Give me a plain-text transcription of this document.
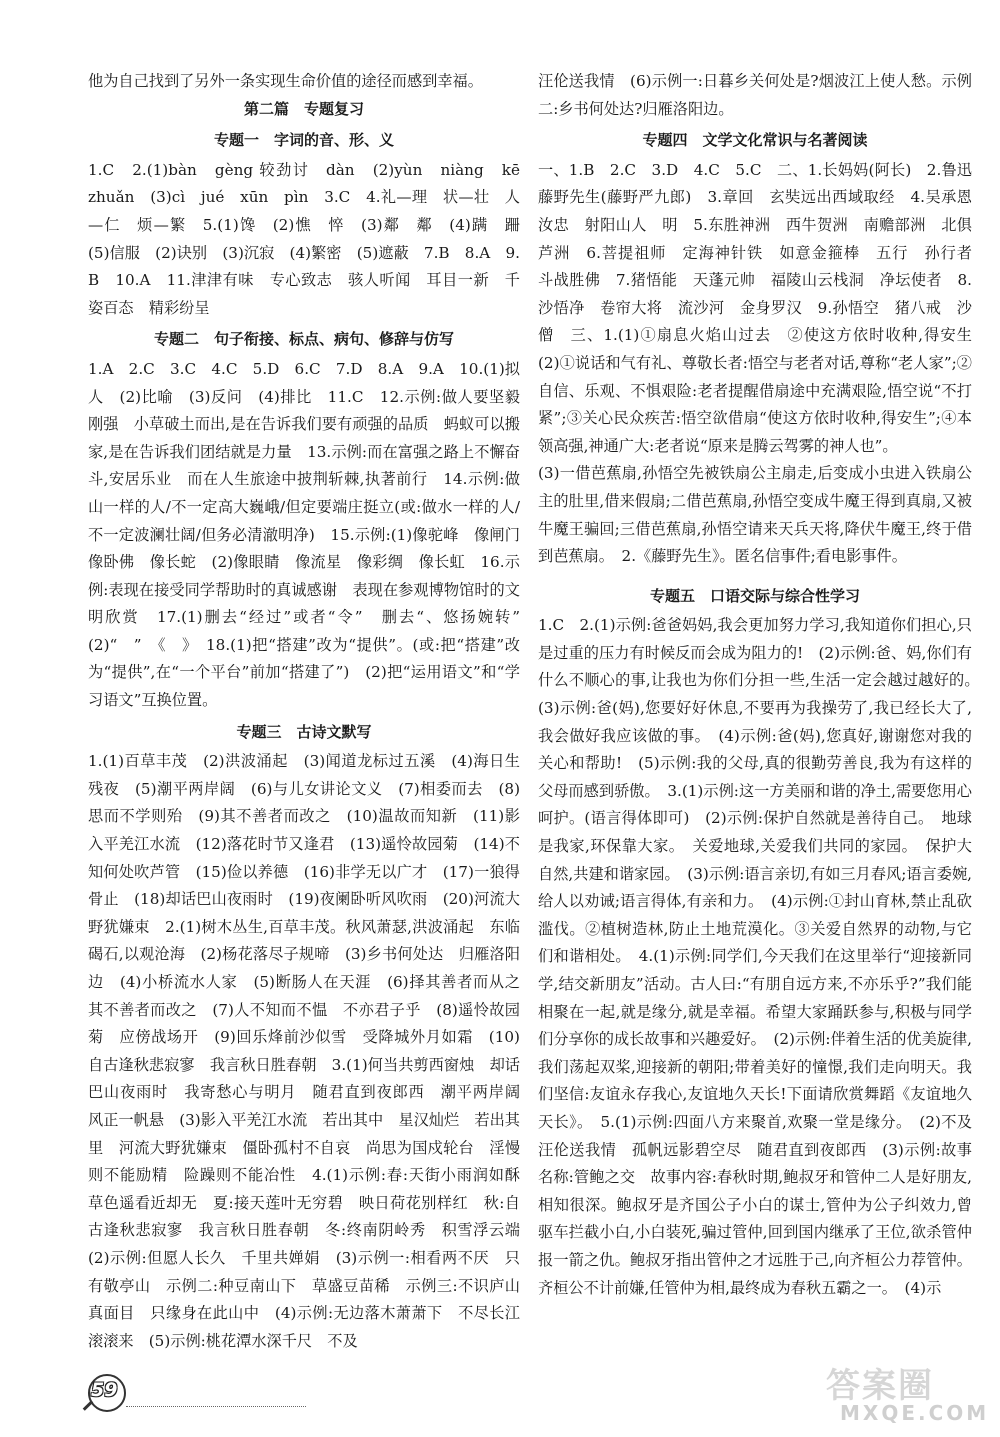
他为自己找到了另外一条实现生命价值的途径而感到幸福。

第二篇　专题复习

专题一　字词的音、形、义

1.C　2.(1)bàn　gèng 较劲讨　dàn　(2)yùn　niàng　kē　zhuǎn　(3)cì　jué　xūn　pìn　3.C　4.礼—理　状—壮　人—仁　烦—繁　5.(1)馋　(2)憔　悴　(3)鄰　鄰　(4)蹒　跚　(5)信服　(2)诀别　(3)沉寂　(4)繁密　(5)遮蔽　7.B　8.A　9.B　10.A　11.津津有味　专心致志　骇人听闻　耳目一新　千姿百态　精彩纷呈

专题二　句子衔接、标点、病句、修辞与仿写

1.A　2.C　3.C　4.C　5.D　6.C　7.D　8.A　9.A　10.(1)拟人　(2)比喻　(3)反问　(4)排比　11.C　12.示例:做人要坚毅刚强　小草破土而出,是在告诉我们要有顽强的品质　蚂蚁可以搬家,是在告诉我们团结就是力量　13.示例:而在富强之路上不懈奋斗,安居乐业　而在人生旅途中披荆斩棘,执著前行　14.示例:做山一样的人/不一定高大巍峨/但定要端庄挺立(或:做水一样的人/不一定波澜壮阔/但务必清澈明净)　15.示例:(1)像驼峰　像闸门　像卧佛　像长蛇　(2)像眼睛　像流星　像彩绸　像长虹　16.示例:表现在接受同学帮助时的真诚感谢　表现在参观博物馆时的文明欣赏　17.(1)删去“经过”或者“令”　删去“、悠扬婉转”　(2)“　”　《　》　18.(1)把“搭建”改为“提供”。(或:把“搭建”改为“提供”,在“一个平台”前加“搭建了”)　(2)把“运用语文”和“学习语文”互换位置。

专题三　古诗文默写

1.(1)百草丰茂　(2)洪波涌起　(3)闻道龙标过五溪　(4)海日生残夜　(5)潮平两岸阔　(6)与儿女讲论文义　(7)相委而去　(8)思而不学则殆　(9)其不善者而改之　(10)温故而知新　(11)影入平羌江水流　(12)落花时节又逢君　(13)遥怜故园菊　(14)不知何处吹芦管　(15)俭以养德　(16)非学无以广才　(17)一狼得骨止　(18)却话巴山夜雨时　(19)夜阑卧听风吹雨　(20)河流大野犹嫌束　2.(1)树木丛生,百草丰茂。秋风萧瑟,洪波涌起　东临碣石,以观沧海　(2)杨花落尽子规啼　(3)乡书何处达　归雁洛阳边　(4)小桥流水人家　(5)断肠人在天涯　(6)择其善者而从之　其不善者而改之　(7)人不知而不愠　不亦君子乎　(8)遥怜故园菊　应傍战场开　(9)回乐烽前沙似雪　受降城外月如霜　(10)自古逢秋悲寂寥　我言秋日胜春朝　3.(1)何当共剪西窗烛　却话巴山夜雨时　我寄愁心与明月　随君直到夜郎西　潮平两岸阔　风正一帆悬　(3)影入平羌江水流　若出其中　星汉灿烂　若出其里　河流大野犹嫌束　僵卧孤村不自哀　尚思为国戍轮台　淫慢则不能励精　险躁则不能冶性　4.(1)示例:春:天街小雨润如酥　草色遥看近却无　夏:接天莲叶无穷碧　映日荷花别样红　秋:自古逢秋悲寂寥　我言秋日胜春朝　冬:终南阴岭秀　积雪浮云端　(2)示例:但愿人长久　千里共婵娟　(3)示例一:相看两不厌　只有敬亭山　示例二:种豆南山下　草盛豆苗稀　示例三:不识庐山真面目　只缘身在此山中　(4)示例:无边落木萧萧下　不尽长江滚滚来　(5)示例:桃花潭水深千尺　不及

汪伦送我情　(6)示例一:日暮乡关何处是?烟波江上使人愁。示例二:乡书何处达?归雁洛阳边。

专题四　文学文化常识与名著阅读

一、1.B　2.C　3.D　4.C　5.C　二、1.长妈妈(阿长)　2.鲁迅　藤野先生(藤野严九郎)　3.章回　玄奘远出西域取经　4.吴承恩　汝忠　射阳山人　明　5.东胜神洲　西牛贺洲　南赡部洲　北俱芦洲　6.菩提祖师　定海神针铁　如意金箍棒　五行　孙行者　斗战胜佛　7.猪悟能　天蓬元帅　福陵山云栈洞　净坛使者　8.沙悟净　卷帘大将　流沙河　金身罗汉　9.孙悟空　猪八戒　沙僧　三、1.(1)①扇息火焰山过去　②使这方依时收种,得安生　(2)①说话和气有礼、尊敬长者:悟空与老者对话,尊称“老人家”;②自信、乐观、不惧艰险:老者提醒借扇途中充满艰险,悟空说“不打紧”;③关心民众疾苦:悟空欲借扇“使这方依时收种,得安生”;④本领高强,神通广大:老者说“原来是腾云驾雾的神人也”。

(3)一借芭蕉扇,孙悟空先被铁扇公主扇走,后变成小虫进入铁扇公主的肚里,借来假扇;二借芭蕉扇,孙悟空变成牛魔王得到真扇,又被牛魔王骗回;三借芭蕉扇,孙悟空请来天兵天将,降伏牛魔王,终于借到芭蕉扇。　2.《藤野先生》。匿名信事件;看电影事件。

专题五　口语交际与综合性学习

1.C　2.(1)示例:爸爸妈妈,我会更加努力学习,我知道你们担心,只是过重的压力有时候反而会成为阻力的!　(2)示例:爸、妈,你们有什么不顺心的事,让我也为你们分担一些,生活一定会越过越好的。　(3)示例:爸(妈),您要好好休息,不要再为我操劳了,我已经长大了,我会做好我应该做的事。　(4)示例:爸(妈),您真好,谢谢您对我的关心和帮助!　(5)示例:我的父母,真的很勤劳善良,我为有这样的父母而感到骄傲。　3.(1)示例:这一方美丽和谐的净土,需要您用心呵护。(语言得体即可)　(2)示例:保护自然就是善待自己。　地球是我家,环保靠大家。　关爱地球,关爱我们共同的家园。　保护大自然,共建和谐家园。　(3)示例:语言亲切,有如三月春风;语言委婉,给人以劝诫;语言得体,有亲和力。　(4)示例:①封山育林,禁止乱砍滥伐。②植树造林,防止土地荒漠化。③关爱自然界的动物,与它们和谐相处。　4.(1)示例:同学们,今天我们在这里举行“迎接新同学,结交新朋友”活动。古人曰:“有朋自远方来,不亦乐乎?”我们能相聚在一起,就是缘分,就是幸福。希望大家踊跃参与,积极与同学们分享你的成长故事和兴趣爱好。　(2)示例:伴着生活的优美旋律,我们荡起双桨,迎接新的朝阳;带着美好的憧憬,我们走向明天。我们坚信:友谊永存我心,友谊地久天长!下面请欣赏舞蹈《友谊地久天长》。　5.(1)示例:四面八方来聚首,欢聚一堂是缘分。　(2)不及汪伦送我情　孤帆远影碧空尽　随君直到夜郎西　(3)示例:故事名称:管鲍之交　故事内容:春秋时期,鲍叔牙和管仲二人是好朋友,相知很深。鲍叔牙是齐国公子小白的谋士,管仲为公子纠效力,曾驱车拦截小白,小白装死,骗过管仲,回到国内继承了王位,欲杀管仲报一箭之仇。鲍叔牙指出管仲之才远胜于己,向齐桓公力荐管仲。齐桓公不计前嫌,任管仲为相,最终成为春秋五霸之一。　(4)示

59	答案圈
MXQE.COM
